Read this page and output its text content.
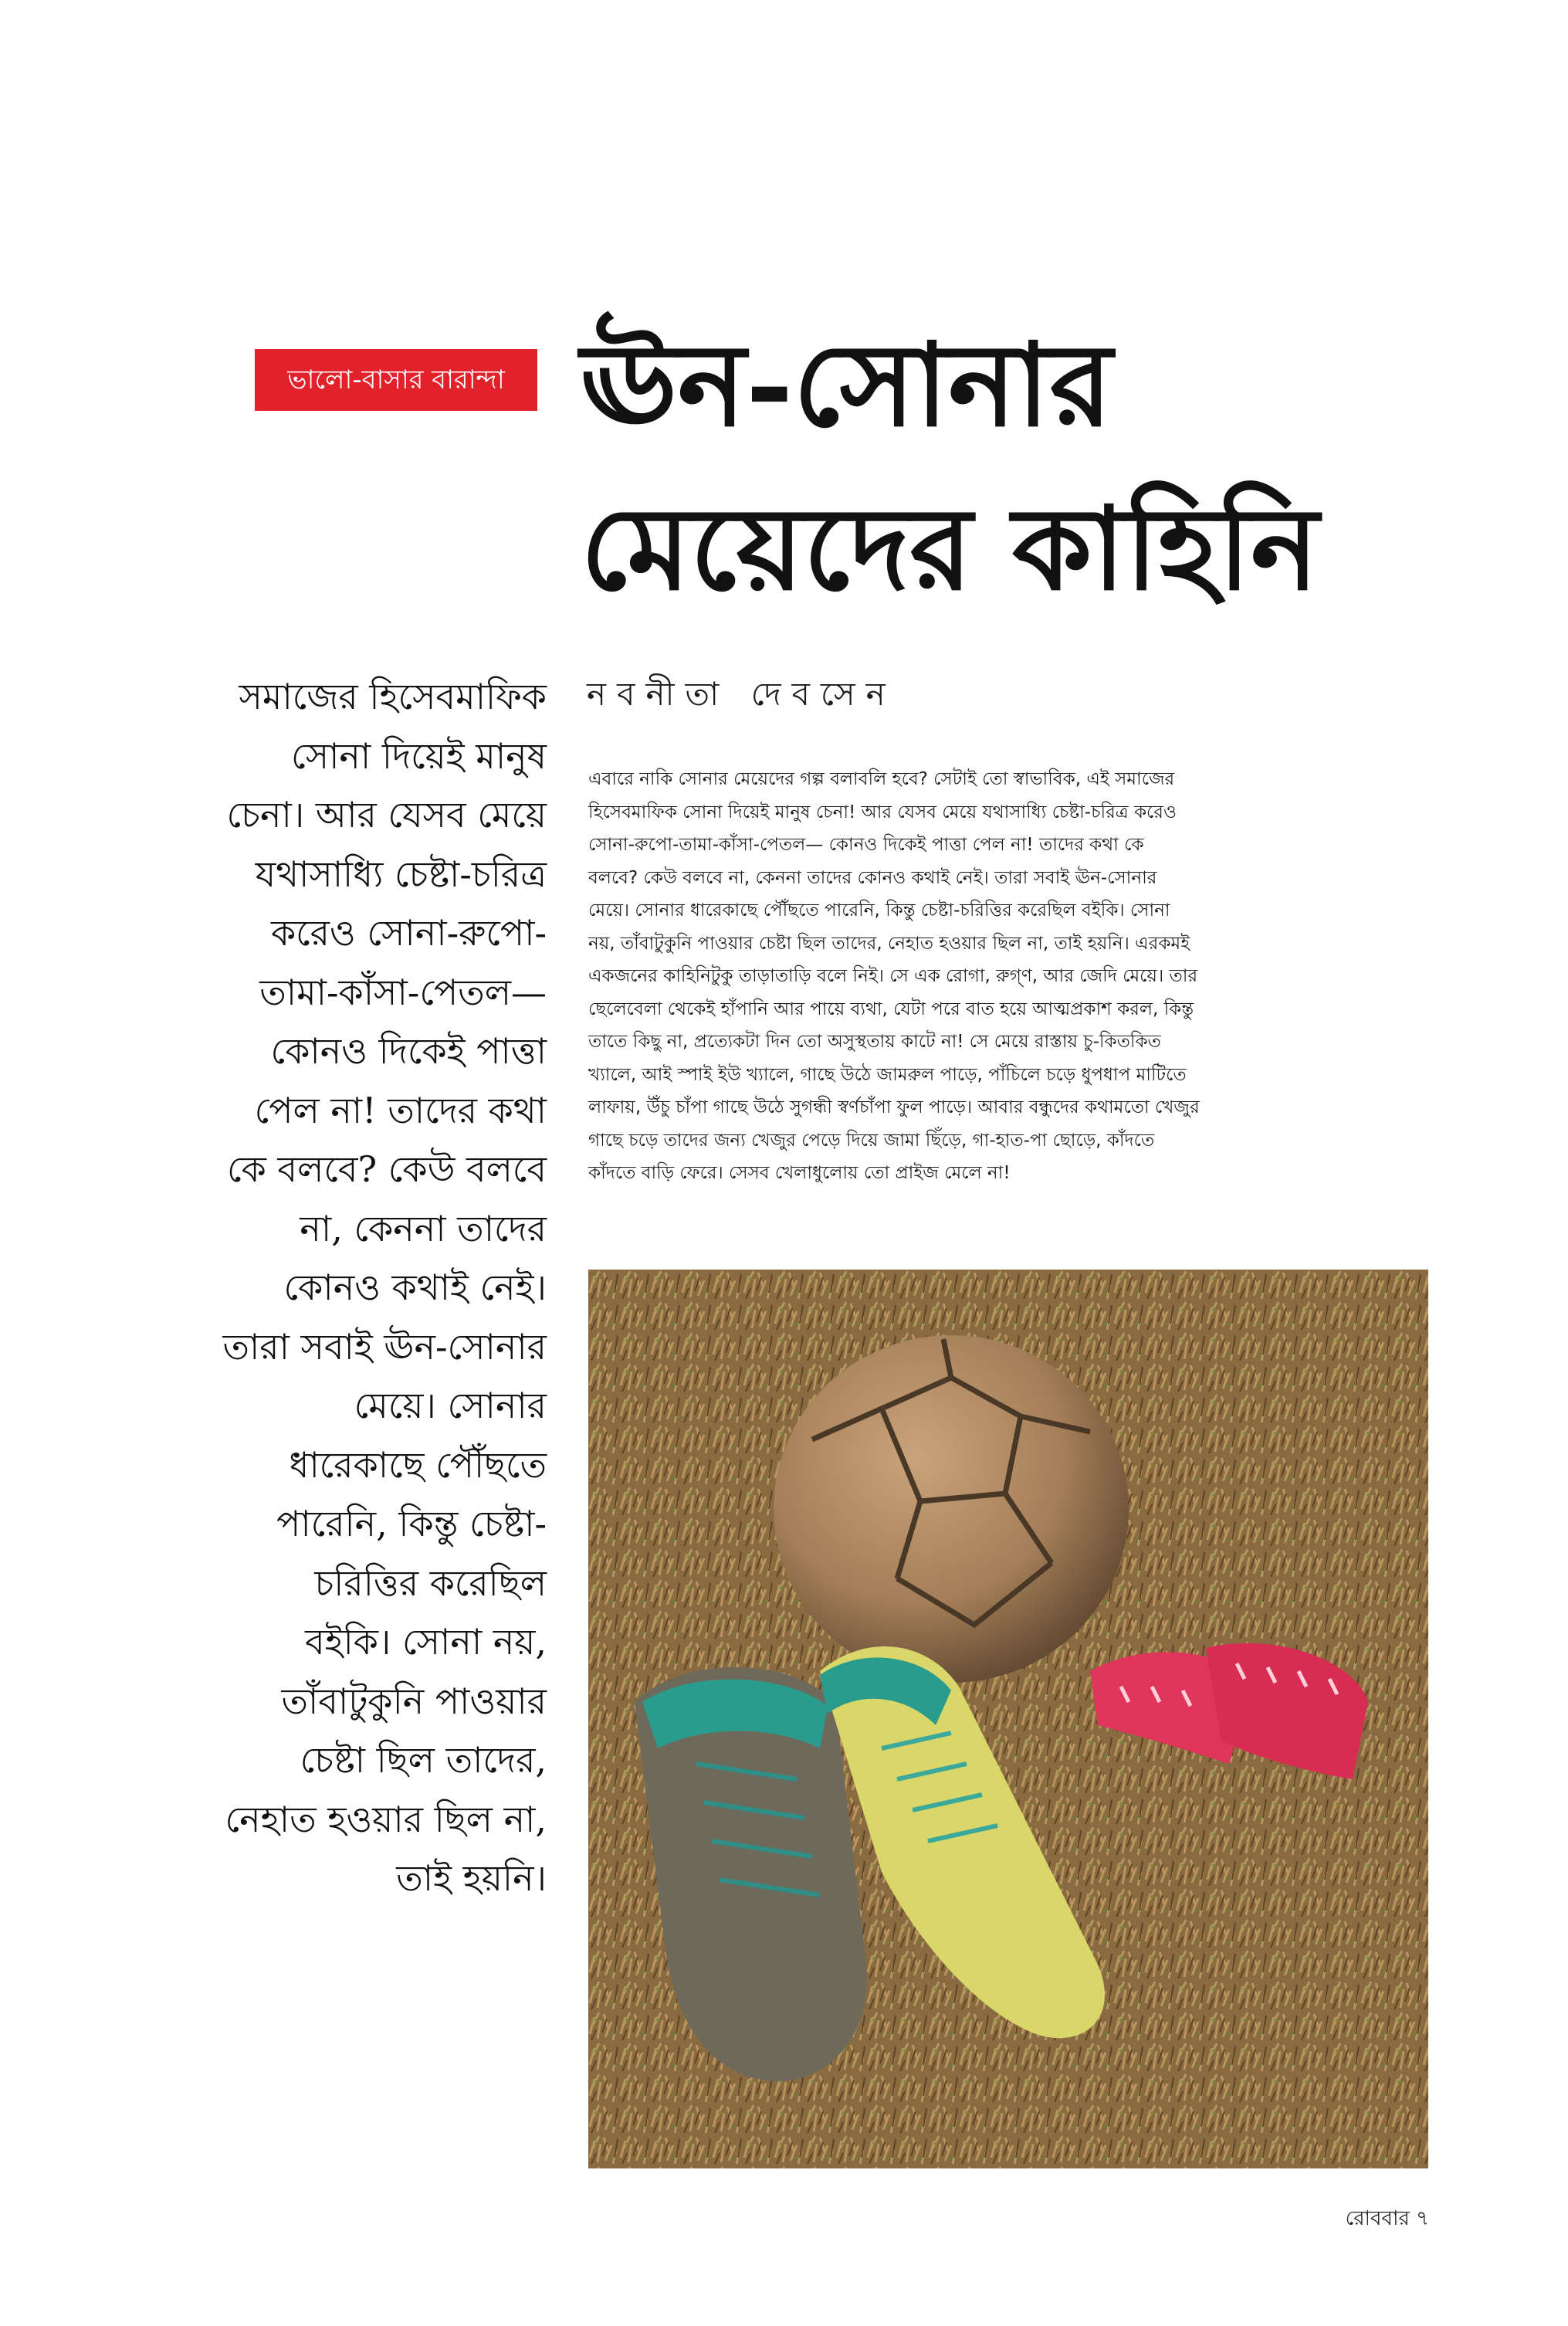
ভালো-বাসার বারান্দা ঊন-সোনার
মেয়েদের কাহিনি
নবনীতা দেবসেন

সমাজের হিসেবমাফিক
সোনা দিয়েই মানুষ
চেনা। আর যেসব মেয়ে
যথাসাধ্যি চেষ্টা-চরিত্র
করেও সোনা-রুপো-
তামা-কাঁসা-পেতল—
কোনও দিকেই পাত্তা
পেল না! তাদের কথা
কে বলবে? কেউ বলবে
না, কেননা তাদের
কোনও কথাই নেই।
তারা সবাই ঊন-সোনার
মেয়ে। সোনার
ধারেকাছে পৌঁছতে
পারেনি, কিন্তু চেষ্টা-
চরিত্তির করেছিল
বইকি। সোনা নয়,
তাঁবাটুকুনি পাওয়ার
চেষ্টা ছিল তাদের,
নেহাত হওয়ার ছিল না,
তাই হয়নি।

এবারে নাকি সোনার মেয়েদের গল্প বলাবলি হবে? সেটাই তো স্বাভাবিক, এই সমাজের
হিসেবমাফিক সোনা দিয়েই মানুষ চেনা! আর যেসব মেয়ে যথাসাধ্যি চেষ্টা-চরিত্র করেও
সোনা-রুপো-তামা-কাঁসা-পেতল— কোনও দিকেই পাত্তা পেল না! তাদের কথা কে
বলবে? কেউ বলবে না, কেননা তাদের কোনও কথাই নেই। তারা সবাই ঊন-সোনার
মেয়ে। সোনার ধারেকাছে পৌঁছতে পারেনি, কিন্তু চেষ্টা-চরিত্তির করেছিল বইকি। সোনা
নয়, তাঁবাটুকুনি পাওয়ার চেষ্টা ছিল তাদের, নেহাত হওয়ার ছিল না, তাই হয়নি। এরকমই
একজনের কাহিনিটুকু তাড়াতাড়ি বলে নিই। সে এক রোগা, রুগ্ণ, আর জেদি মেয়ে। তার
ছেলেবেলা থেকেই হাঁপানি আর পায়ে ব্যথা, যেটা পরে বাত হয়ে আত্মপ্রকাশ করল, কিন্তু
তাতে কিছু না, প্রত্যেকটা দিন তো অসুস্থতায় কাটে না! সে মেয়ে রাস্তায় চু-কিতকিত
খ্যালে, আই স্পাই ইউ খ্যালে, গাছে উঠে জামরুল পাড়ে, পাঁচিলে চড়ে ধুপধাপ মাটিতে
লাফায়, উঁচু চাঁপা গাছে উঠে সুগন্ধী স্বর্ণচাঁপা ফুল পাড়ে। আবার বন্ধুদের কথামতো খেজুর
গাছে চড়ে তাদের জন্য খেজুর পেড়ে দিয়ে জামা ছিঁড়ে, গা-হাত-পা ছোড়ে, কাঁদতে
কাঁদতে বাড়ি ফেরে। সেসব খেলাধুলোয় তো প্রাইজ মেলে না!

রোববার ৭
